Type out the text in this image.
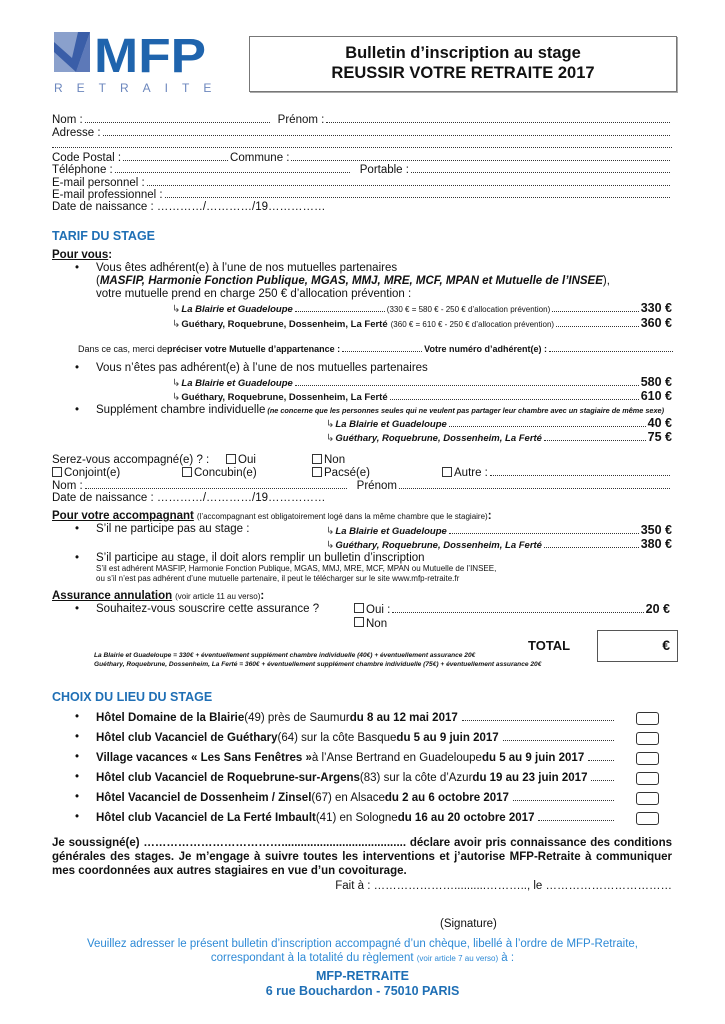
MFP
RETRAITE
Bulletin d’inscription au stage
REUSSIR VOTRE RETRAITE 2017
Nom :	Prénom :
Adresse :
Code Postal :	Commune :
Téléphone :	Portable :
E-mail personnel :
E-mail professionnel :
Date de naissance : …………/…………/19……………
TARIF DU STAGE
Pour vous :
• Vous êtes adhérent(e) à l’une de nos mutuelles partenaires
( MASFIP, Harmonie Fonction Publique, MGAS, MMJ, MRE, MCF, MPAN et Mutuelle de l’INSEE ),
votre mutuelle prend en charge 250 € d’allocation prévention :
↳ La Blairie et Guadeloupe	(330 € = 580 € - 250 € d’allocation prévention)	330 €
↳ Guéthary, Roquebrune, Dossenheim, La Ferté (360 € = 610 € - 250 € d’allocation prévention)	360 €
Dans ce cas, merci de préciser votre Mutuelle d’appartenance :	Votre numéro d’adhérent(e) :
• Vous n’êtes pas adhérent(e) à l’une de nos mutuelles partenaires
↳ La Blairie et Guadeloupe	580 €
↳ Guéthary, Roquebrune, Dossenheim, La Ferté	610 €
• Supplément chambre individuelle (ne concerne que les personnes seules qui ne veulent pas partager leur chambre avec un stagiaire de même sexe)
↳ La Blairie et Guadeloupe	40 €
↳ Guéthary, Roquebrune, Dossenheim, La Ferté	75 €
Serez-vous accompagné(e) ? :	Oui	Non
Conjoint(e)	Concubin(e)	Pacsé(e)	Autre :
Nom :	Prénom
Date de naissance : …………/…………/19……………
Pour votre accompagnant (l’accompagnant est obligatoirement logé dans la même chambre que le stagiaire) :
• S’il ne participe pas au stage :	↳ La Blairie et Guadeloupe	350 €
↳ Guéthary, Roquebrune, Dossenheim, La Ferté	380 €
• S’il participe au stage, il doit alors remplir un bulletin d’inscription
S’il est adhérent MASFIP, Harmonie Fonction Publique, MGAS, MMJ, MRE, MCF, MPAN ou Mutuelle de l’INSEE,
ou s’il n’est pas adhérent d’une mutuelle partenaire, il peut le télécharger sur le site www.mfp-retraite.fr
Assurance annulation (voir article 11 au verso) :
• Souhaitez-vous souscrire cette assurance ?	Oui :	20 €
Non
TOTAL	€
La Blairie et Guadeloupe = 330€ + éventuellement supplément chambre individuelle (40€) + éventuellement assurance 20€
Guéthary, Roquebrune, Dossenheim, La Ferté = 360€ + éventuellement supplément chambre individuelle (75€) + éventuellement assurance 20€
CHOIX DU LIEU DU STAGE
• Hôtel Domaine de la Blairie (49) près de Saumur du 8 au 12 mai 2017
• Hôtel club Vacanciel de Guéthary (64) sur la côte Basque du 5 au 9 juin 2017
• Village vacances « Les Sans Fenêtres » à l’Anse Bertrand en Guadeloupe du 5 au 9 juin 2017
• Hôtel club Vacanciel de Roquebrune-sur-Argens (83) sur la côte d’Azur du 19 au 23 juin 2017
• Hôtel Vacanciel de Dossenheim / Zinsel (67) en Alsace du 2 au 6 octobre 2017
• Hôtel club Vacanciel de La Ferté Imbault (41) en Sologne du 16 au 20 octobre 2017
Je soussigné(e) ………………………………....................................... déclare avoir pris connaissance des conditions générales des stages. Je m’engage à suivre toutes les interventions et j’autorise MFP-Retraite à communiquer mes coordonnées aux autres stagiaires en vue d’un covoiturage.
Fait à : …………………..........……….., le ……………………………
(Signature)
Veuillez adresser le présent bulletin d’inscription accompagné d’un chèque, libellé à l’ordre de MFP-Retraite,
correspondant à la totalité du règlement (voir article 7 au verso) à :
MFP-RETRAITE
6 rue Bouchardon - 75010 PARIS
